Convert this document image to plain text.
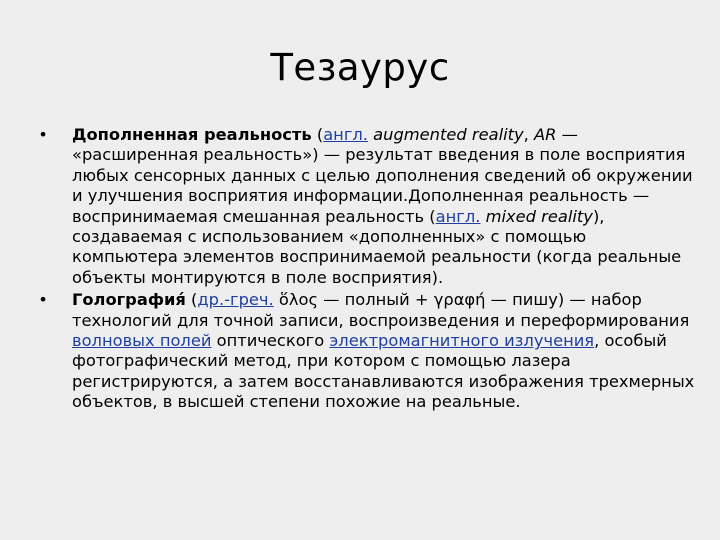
Тезаурус
• Дополненная реальность (англ. augmented reality, AR — «расширенная реальность») — результат введения в поле восприятия любых сенсорных данных с целью дополнения сведений об окружении и улучшения восприятия информации.Дополненная реальность — воспринимаемая смешанная реальность (англ. mixed reality), создаваемая с использованием «дополненных» с помощью компьютера элементов воспринимаемой реальности (когда реальные объекты монтируются в поле восприятия).
• Голография́ (др.-греч. ὅλος — полный + γραφή — пишу) — набор технологий для точной записи, воспроизведения и переформирования волновых полей оптического электромагнитного излучения, особый фотографический метод, при котором с помощью лазера регистрируются, а затем восстанавливаются изображения трехмерных объектов, в высшей степени похожие на реальные.
